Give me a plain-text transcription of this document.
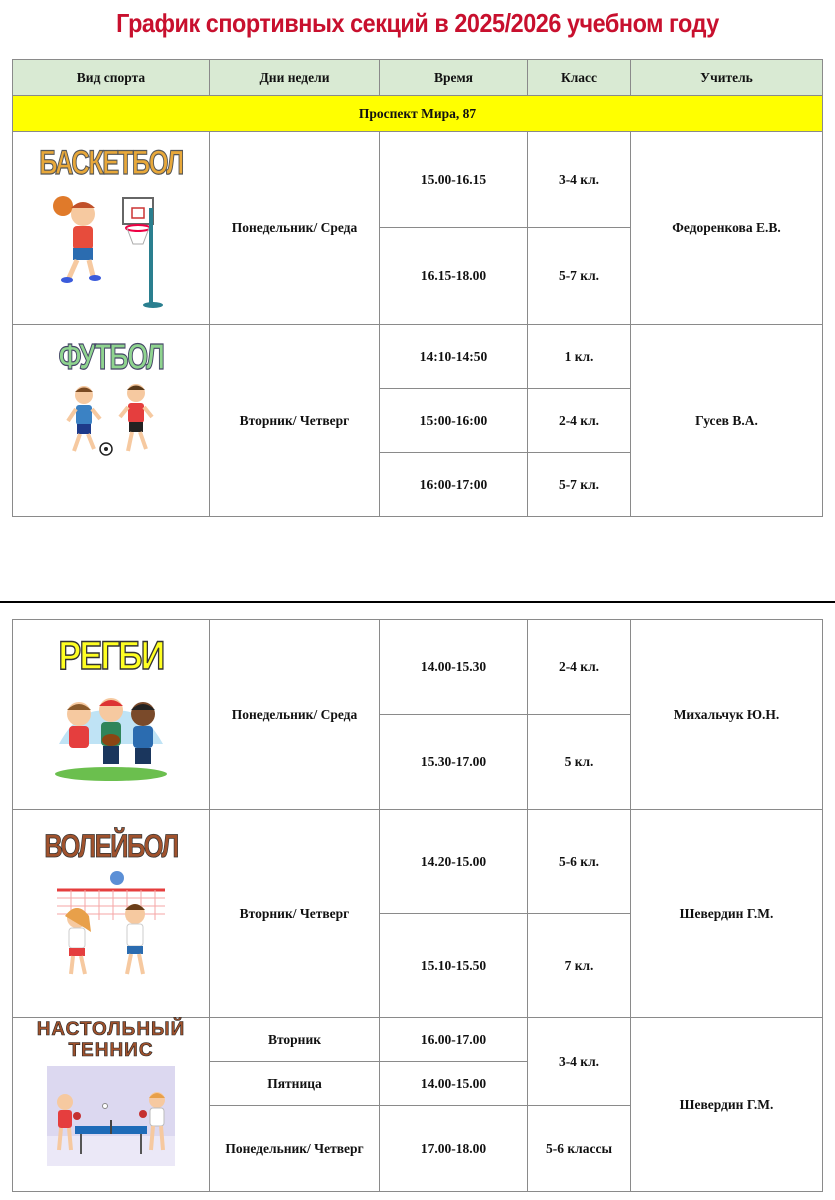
График спортивных секций в 2025/2026 учебном году
Вид спорта	Дни недели	Время	Класс	Учитель
Проспект Мира, 87				

БАСКЕТБОЛ	Понедельник/ Среда	15.00-16.15	3-4 кл.	Федоренкова Е.В.
		16.15-18.00	5-7 кл.	

ФУТБОЛ	Вторник/ Четверг	14:10-14:50	1 кл.	Гусев В.А.
		15:00-16:00	2-4 кл.	
		16:00-17:00	5-7 кл.	
РЕГБИ	Понедельник/ Среда	14.00-15.30	2-4 кл.	Михальчук Ю.Н.
		15.30-17.00	5 кл.	

ВОЛЕЙБОЛ	Вторник/ Четверг	14.20-15.00	5-6 кл.	Шевердин Г.М.
		15.10-15.50	7 кл.	

НАСТОЛЬНЫЙ
ТЕННИС	Вторник	16.00-17.00	3-4 кл.	Шевердин Г.М.
	Пятница	14.00-15.00		
	Понедельник/ Четверг	17.00-18.00	5-6 классы	
